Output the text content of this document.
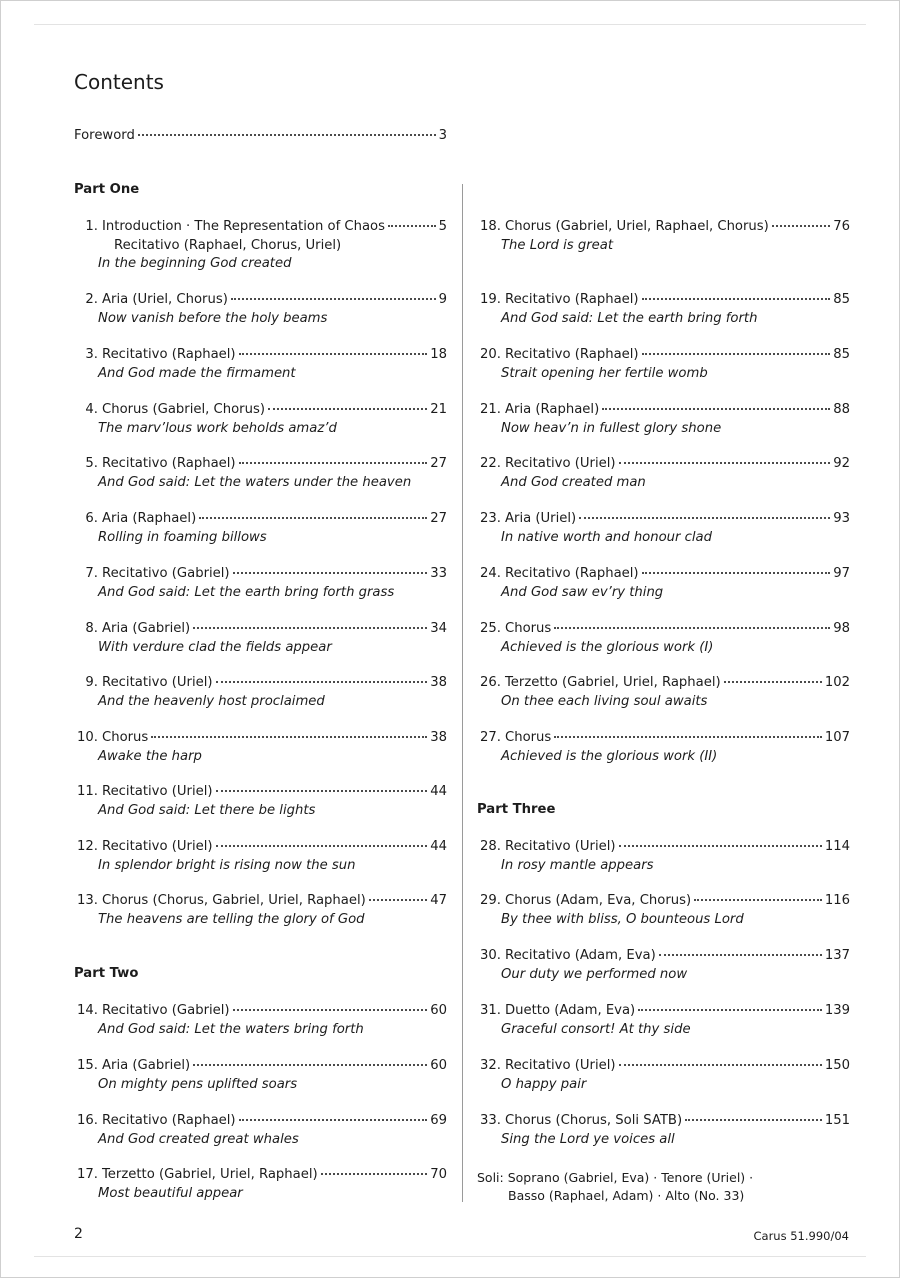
Contents
Foreword	3
Part One
Part Two
Part Three
1. Introduction · The Representation of Chaos	5
Recitativo (Raphael, Chorus, Uriel)
In the beginning God created
2. Aria (Uriel, Chorus)	9
Now vanish before the holy beams
3. Recitativo (Raphael)	18
And God made the firmament
4. Chorus (Gabriel, Chorus)	21
The marv’lous work beholds amaz’d
5. Recitativo (Raphael)	27
And God said: Let the waters under the heaven
6. Aria (Raphael)	27
Rolling in foaming billows
7. Recitativo (Gabriel)	33
And God said: Let the earth bring forth grass
8. Aria (Gabriel)	34
With verdure clad the fields appear
9. Recitativo (Uriel)	38
And the heavenly host proclaimed
10. Chorus	38
Awake the harp
11. Recitativo (Uriel)	44
And God said: Let there be lights
12. Recitativo (Uriel)	44
In splendor bright is rising now the sun
13. Chorus (Chorus, Gabriel, Uriel, Raphael)	47
The heavens are telling the glory of God
14. Recitativo (Gabriel)	60
And God said: Let the waters bring forth
15. Aria (Gabriel)	60
On mighty pens uplifted soars
16. Recitativo (Raphael)	69
And God created great whales
17. Terzetto (Gabriel, Uriel, Raphael)	70
Most beautiful appear
18. Chorus (Gabriel, Uriel, Raphael, Chorus)	76
The Lord is great
19. Recitativo (Raphael)	85
And God said: Let the earth bring forth
20. Recitativo (Raphael)	85
Strait opening her fertile womb
21. Aria (Raphael)	88
Now heav’n in fullest glory shone
22. Recitativo (Uriel)	92
And God created man
23. Aria (Uriel)	93
In native worth and honour clad
24. Recitativo (Raphael)	97
And God saw ev’ry thing
25. Chorus	98
Achieved is the glorious work (I)
26. Terzetto (Gabriel, Uriel, Raphael)	102
On thee each living soul awaits
27. Chorus	107
Achieved is the glorious work (II)
28. Recitativo (Uriel)	114
In rosy mantle appears
29. Chorus (Adam, Eva, Chorus)	116
By thee with bliss, O bounteous Lord
30. Recitativo (Adam, Eva)	137
Our duty we performed now
31. Duetto (Adam, Eva)	139
Graceful consort! At thy side
32. Recitativo (Uriel)	150
O happy pair
33. Chorus (Chorus, Soli SATB)	151
Sing the Lord ye voices all
Soli: Soprano (Gabriel, Eva) · Tenore (Uriel) ·
Basso (Raphael, Adam) · Alto (No. 33)
2	Carus 51.990/04
